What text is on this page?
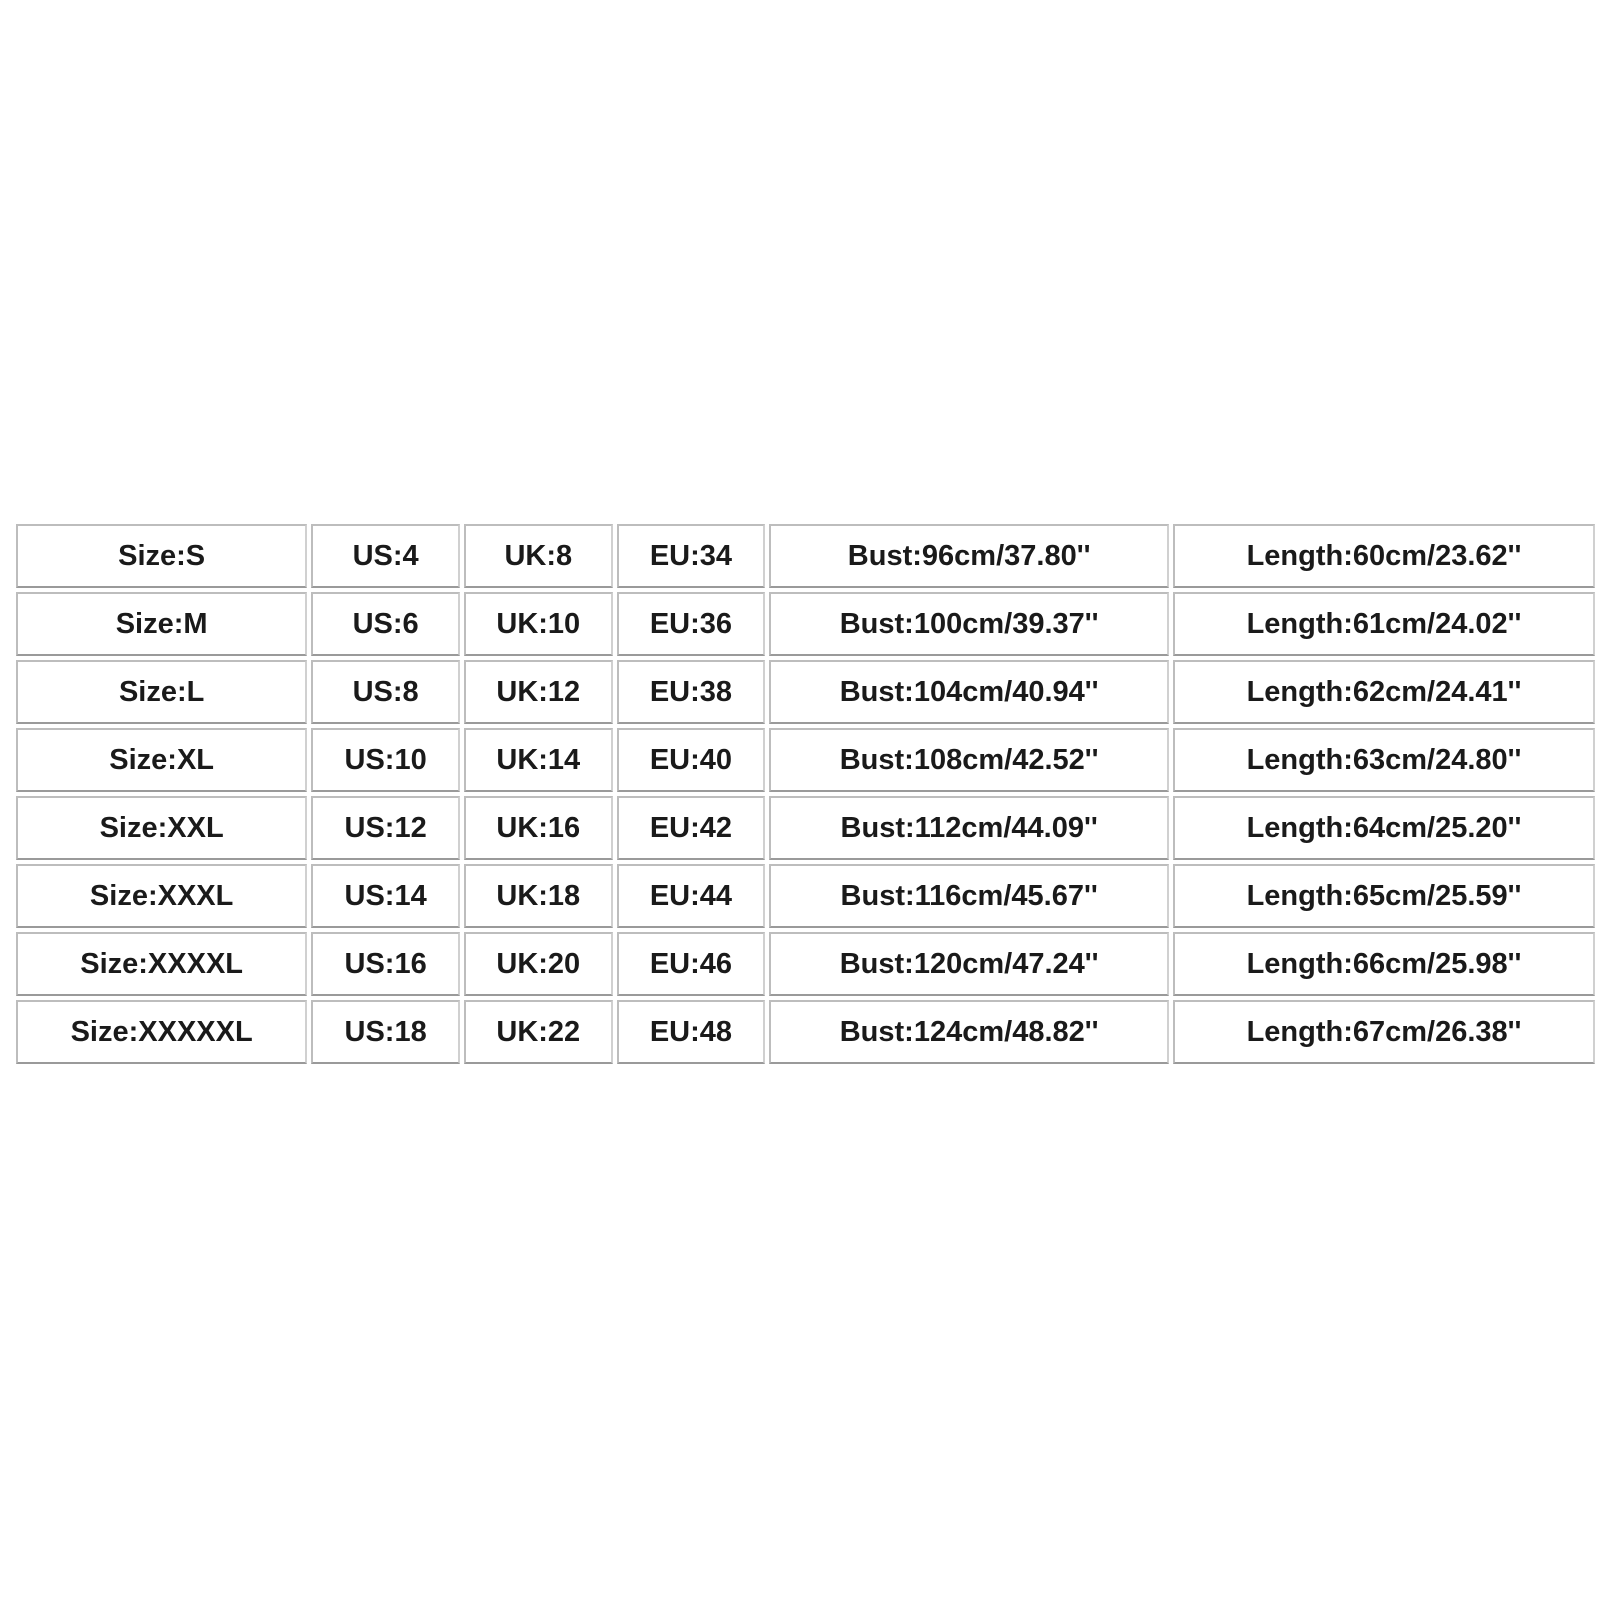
Size:S	US:4	UK:8	EU:34	Bust:96cm/37.80''	Length:60cm/23.62''
Size:M	US:6	UK:10	EU:36	Bust:100cm/39.37''	Length:61cm/24.02''
Size:L	US:8	UK:12	EU:38	Bust:104cm/40.94''	Length:62cm/24.41''
Size:XL	US:10	UK:14	EU:40	Bust:108cm/42.52''	Length:63cm/24.80''
Size:XXL	US:12	UK:16	EU:42	Bust:112cm/44.09''	Length:64cm/25.20''
Size:XXXL	US:14	UK:18	EU:44	Bust:116cm/45.67''	Length:65cm/25.59''
Size:XXXXL	US:16	UK:20	EU:46	Bust:120cm/47.24''	Length:66cm/25.98''
Size:XXXXXL	US:18	UK:22	EU:48	Bust:124cm/48.82''	Length:67cm/26.38''
